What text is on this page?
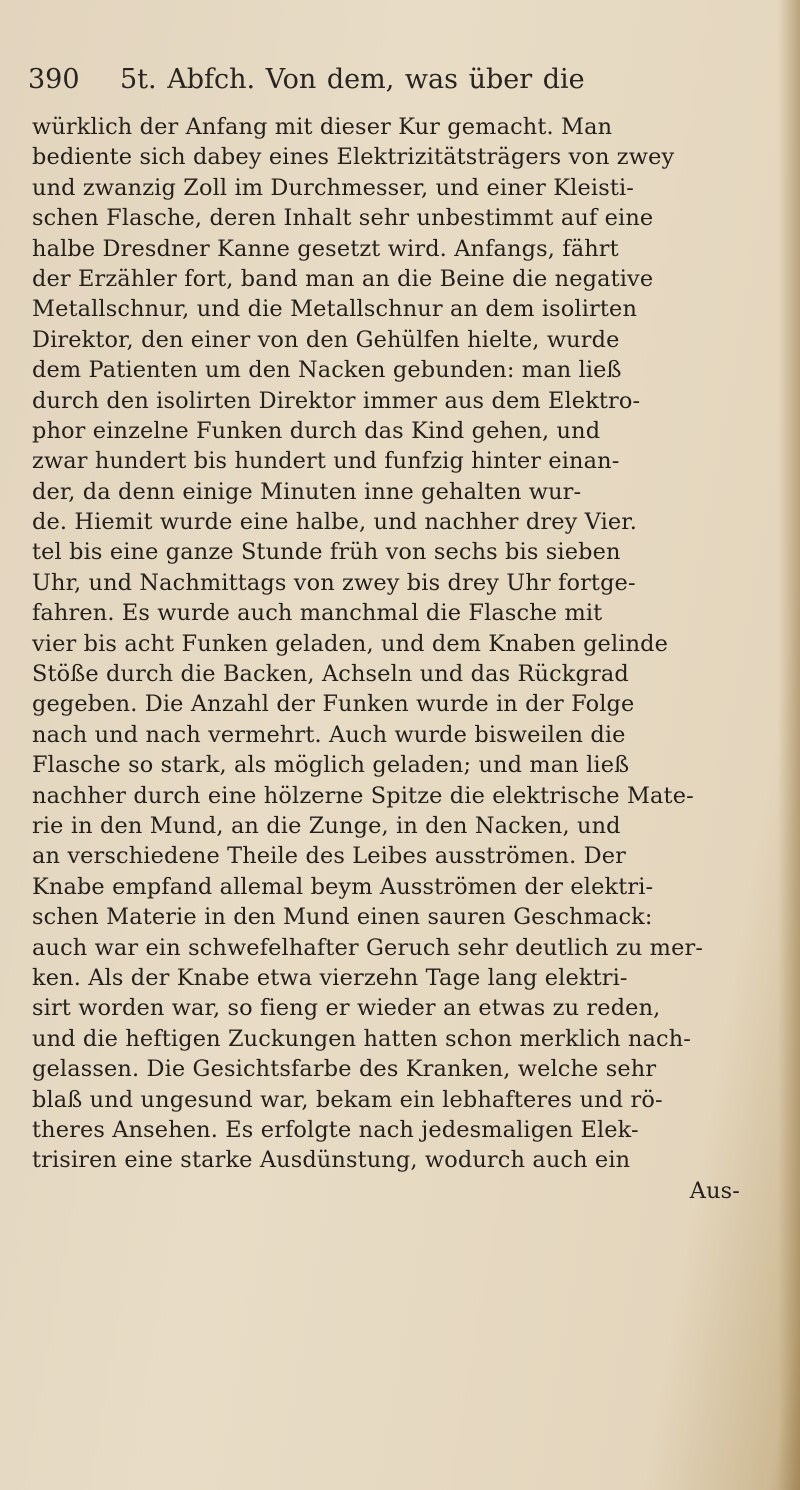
390 5t. Abfch. Von dem, was über die
würklich der Anfang mit dieser Kur gemacht. Man
bediente sich dabey eines Elektrizitätsträgers von zwey
und zwanzig Zoll im Durchmesser, und einer Kleisti-
schen Flasche, deren Inhalt sehr unbestimmt auf eine
halbe Dresdner Kanne gesetzt wird. Anfangs, fährt
der Erzähler fort, band man an die Beine die negative
Metallschnur, und die Metallschnur an dem isolirten
Direktor, den einer von den Gehülfen hielte, wurde
dem Patienten um den Nacken gebunden: man ließ
durch den isolirten Direktor immer aus dem Elektro-
phor einzelne Funken durch das Kind gehen, und
zwar hundert bis hundert und funfzig hinter einan-
der, da denn einige Minuten inne gehalten wur-
de. Hiemit wurde eine halbe, und nachher drey Vier.
tel bis eine ganze Stunde früh von sechs bis sieben
Uhr, und Nachmittags von zwey bis drey Uhr fortge-
fahren. Es wurde auch manchmal die Flasche mit
vier bis acht Funken geladen, und dem Knaben gelinde
Stöße durch die Backen, Achseln und das Rückgrad
gegeben. Die Anzahl der Funken wurde in der Folge
nach und nach vermehrt. Auch wurde bisweilen die
Flasche so stark, als möglich geladen; und man ließ
nachher durch eine hölzerne Spitze die elektrische Mate-
rie in den Mund, an die Zunge, in den Nacken, und
an verschiedene Theile des Leibes ausströmen. Der
Knabe empfand allemal beym Ausströmen der elektri-
schen Materie in den Mund einen sauren Geschmack:
auch war ein schwefelhafter Geruch sehr deutlich zu mer-
ken. Als der Knabe etwa vierzehn Tage lang elektri-
sirt worden war, so fieng er wieder an etwas zu reden,
und die heftigen Zuckungen hatten schon merklich nach-
gelassen. Die Gesichtsfarbe des Kranken, welche sehr
blaß und ungesund war, bekam ein lebhafteres und rö-
theres Ansehen. Es erfolgte nach jedesmaligen Elek-
trisiren eine starke Ausdünstung, wodurch auch ein
Aus-
